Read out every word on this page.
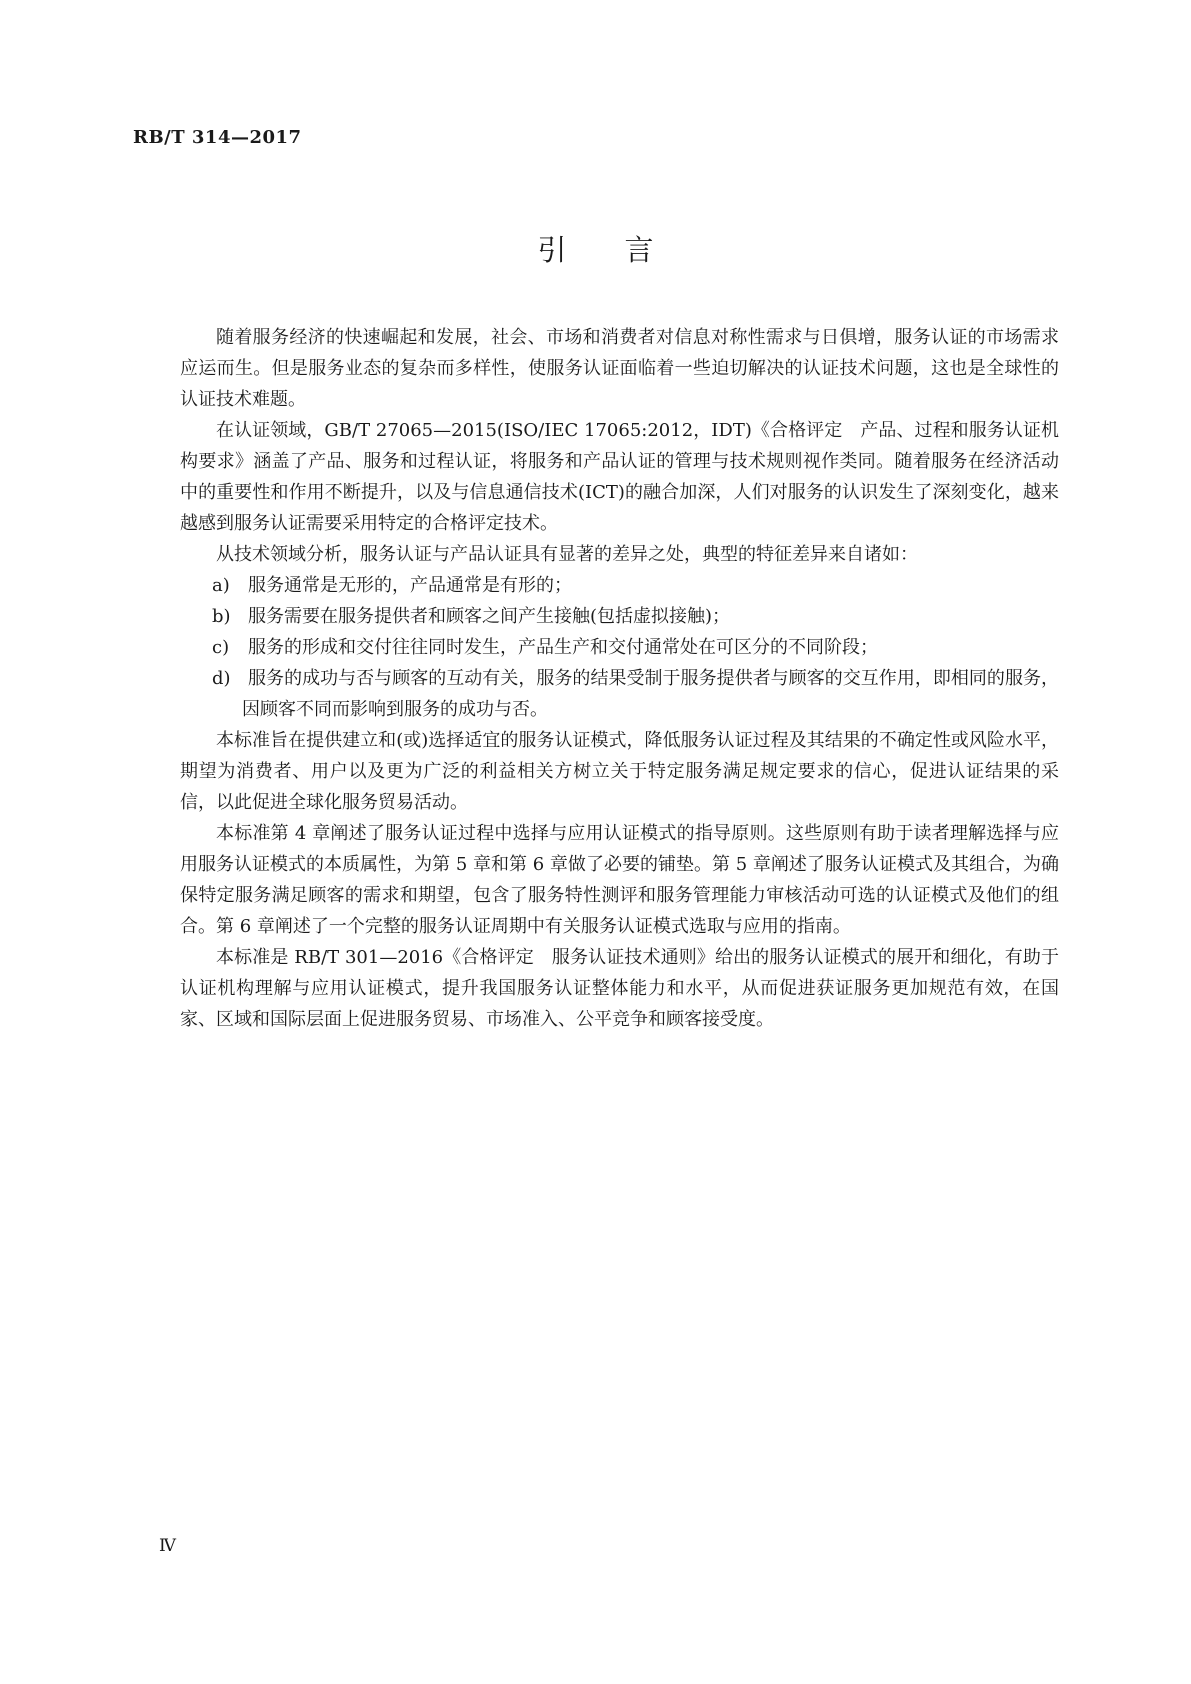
RB/T 314—2017
引 言

随着服务经济的快速崛起和发展，社会、市场和消费者对信息对称性需求与日俱增，服务认证的市场需求应运而生。但是服务业态的复杂而多样性，使服务认证面临着一些迫切解决的认证技术问题，这也是全球性的认证技术难题。

在认证领域，GB/T 27065—2015(ISO/IEC 17065:2012，IDT)《合格评定　产品、过程和服务认证机构要求》涵盖了产品、服务和过程认证，将服务和产品认证的管理与技术规则视作类同。随着服务在经济活动中的重要性和作用不断提升，以及与信息通信技术(ICT)的融合加深，人们对服务的认识发生了深刻变化，越来越感到服务认证需要采用特定的合格评定技术。

从技术领域分析，服务认证与产品认证具有显著的差异之处，典型的特征差异来自诸如：

a) 服务通常是无形的，产品通常是有形的；

b) 服务需要在服务提供者和顾客之间产生接触(包括虚拟接触)；

c) 服务的形成和交付往往同时发生，产品生产和交付通常处在可区分的不同阶段；

d) 服务的成功与否与顾客的互动有关，服务的结果受制于服务提供者与顾客的交互作用，即相同的服务，因顾客不同而影响到服务的成功与否。

本标准旨在提供建立和(或)选择适宜的服务认证模式，降低服务认证过程及其结果的不确定性或风险水平，期望为消费者、用户以及更为广泛的利益相关方树立关于特定服务满足规定要求的信心，促进认证结果的采信，以此促进全球化服务贸易活动。

本标准第 4 章阐述了服务认证过程中选择与应用认证模式的指导原则。这些原则有助于读者理解选择与应用服务认证模式的本质属性，为第 5 章和第 6 章做了必要的铺垫。第 5 章阐述了服务认证模式及其组合，为确保特定服务满足顾客的需求和期望，包含了服务特性测评和服务管理能力审核活动可选的认证模式及他们的组合。第 6 章阐述了一个完整的服务认证周期中有关服务认证模式选取与应用的指南。

本标准是 RB/T 301—2016《合格评定　服务认证技术通则》给出的服务认证模式的展开和细化，有助于认证机构理解与应用认证模式，提升我国服务认证整体能力和水平，从而促进获证服务更加规范有效，在国家、区域和国际层面上促进服务贸易、市场准入、公平竞争和顾客接受度。

Ⅳ
